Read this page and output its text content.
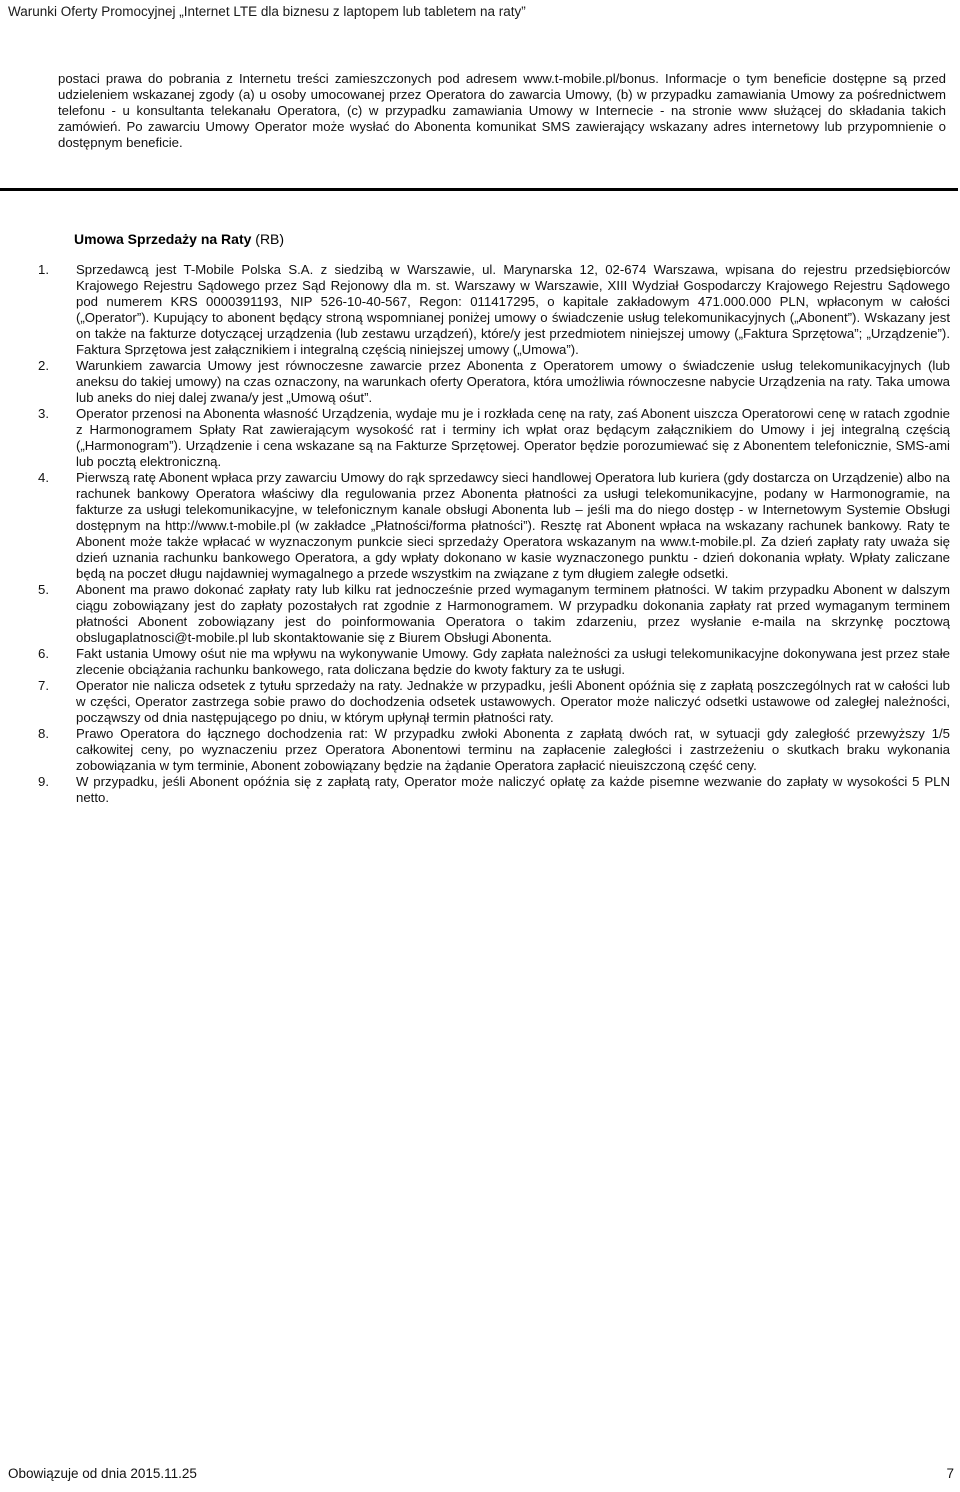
Warunki Oferty Promocyjnej „Internet LTE dla biznesu z laptopem lub tabletem na raty”
postaci prawa do pobrania z Internetu treści zamieszczonych pod adresem www.t-mobile.pl/bonus. Informacje o tym beneficie dostępne są przed udzieleniem wskazanej zgody (a) u osoby umocowanej przez Operatora do zawarcia Umowy, (b) w przypadku zamawiania Umowy za pośrednictwem telefonu - u konsultanta telekanału Operatora, (c) w przypadku zamawiania Umowy w Internecie - na stronie www służącej do składania takich zamówień. Po zawarciu Umowy Operator może wysłać do Abonenta komunikat SMS zawierający wskazany adres internetowy lub przypomnienie o dostępnym beneficie.
Umowa Sprzedaży na Raty (RB)
1. Sprzedawcą jest T-Mobile Polska S.A. z siedzibą w Warszawie, ul. Marynarska 12, 02-674 Warszawa, wpisana do rejestru przedsiębiorców Krajowego Rejestru Sądowego przez Sąd Rejonowy dla m. st. Warszawy w Warszawie, XIII Wydział Gospodarczy Krajowego Rejestru Sądowego pod numerem KRS 0000391193, NIP 526-10-40-567, Regon: 011417295, o kapitale zakładowym 471.000.000 PLN, wpłaconym w całości („Operator”). Kupujący to abonent będący stroną wspomnianej poniżej umowy o świadczenie usług telekomunikacyjnych („Abonent”). Wskazany jest on także na fakturze dotyczącej urządzenia (lub zestawu urządzeń), które/y jest przedmiotem niniejszej umowy („Faktura Sprzętowa”; „Urządzenie”). Faktura Sprzętowa jest załącznikiem i integralną częścią niniejszej umowy („Umowa”).
2. Warunkiem zawarcia Umowy jest równoczesne zawarcie przez Abonenta z Operatorem umowy o świadczenie usług telekomunikacyjnych (lub aneksu do takiej umowy) na czas oznaczony, na warunkach oferty Operatora, która umożliwia równoczesne nabycie Urządzenia na raty. Taka umowa lub aneks do niej dalej zwana/y jest „Umową ośut”.
3. Operator przenosi na Abonenta własność Urządzenia, wydaje mu je i rozkłada cenę na raty, zaś Abonent uiszcza Operatorowi cenę w ratach zgodnie z Harmonogramem Spłaty Rat zawierającym wysokość rat i terminy ich wpłat oraz będącym załącznikiem do Umowy i jej integralną częścią („Harmonogram”). Urządzenie i cena wskazane są na Fakturze Sprzętowej. Operator będzie porozumiewać się z Abonentem telefonicznie, SMS-ami lub pocztą elektroniczną.
4. Pierwszą ratę Abonent wpłaca przy zawarciu Umowy do rąk sprzedawcy sieci handlowej Operatora lub kuriera (gdy dostarcza on Urządzenie) albo na rachunek bankowy Operatora właściwy dla regulowania przez Abonenta płatności za usługi telekomunikacyjne, podany w Harmonogramie, na fakturze za usługi telekomunikacyjne, w telefonicznym kanale obsługi Abonenta lub – jeśli ma do niego dostęp - w Internetowym Systemie Obsługi dostępnym na http://www.t-mobile.pl (w zakładce „Płatności/forma płatności”). Resztę rat Abonent wpłaca na wskazany rachunek bankowy. Raty te Abonent może także wpłacać w wyznaczonym punkcie sieci sprzedaży Operatora wskazanym na www.t-mobile.pl. Za dzień zapłaty raty uważa się dzień uznania rachunku bankowego Operatora, a gdy wpłaty dokonano w kasie wyznaczonego punktu - dzień dokonania wpłaty. Wpłaty zaliczane będą na poczet długu najdawniej wymagalnego a przede wszystkim na związane z tym długiem zaległe odsetki.
5. Abonent ma prawo dokonać zapłaty raty lub kilku rat jednocześnie przed wymaganym terminem płatności. W takim przypadku Abonent w dalszym ciągu zobowiązany jest do zapłaty pozostałych rat zgodnie z Harmonogramem. W przypadku dokonania zapłaty rat przed wymaganym terminem płatności Abonent zobowiązany jest do poinformowania Operatora o takim zdarzeniu, przez wysłanie e-maila na skrzynkę pocztową obslugaplatnosci@t-mobile.pl lub skontaktowanie się z Biurem Obsługi Abonenta.
6. Fakt ustania Umowy ośut nie ma wpływu na wykonywanie Umowy. Gdy zapłata należności za usługi telekomunikacyjne dokonywana jest przez stałe zlecenie obciążania rachunku bankowego, rata doliczana będzie do kwoty faktury za te usługi.
7. Operator nie nalicza odsetek z tytułu sprzedaży na raty. Jednakże w przypadku, jeśli Abonent opóźnia się z zapłatą poszczególnych rat w całości lub w części, Operator zastrzega sobie prawo do dochodzenia odsetek ustawowych. Operator może naliczyć odsetki ustawowe od zaległej należności, począwszy od dnia następującego po dniu, w którym upłynął termin płatności raty.
8. Prawo Operatora do łącznego dochodzenia rat: W przypadku zwłoki Abonenta z zapłatą dwóch rat, w sytuacji gdy zaległość przewyższy 1/5 całkowitej ceny, po wyznaczeniu przez Operatora Abonentowi terminu na zapłacenie zaległości i zastrzeżeniu o skutkach braku wykonania zobowiązania w tym terminie, Abonent zobowiązany będzie na żądanie Operatora zapłacić nieuiszczoną część ceny.
9. W przypadku, jeśli Abonent opóźnia się z zapłatą raty, Operator może naliczyć opłatę za każde pisemne wezwanie do zapłaty w wysokości 5 PLN netto.
Obowiązuje od dnia 2015.11.25	7
